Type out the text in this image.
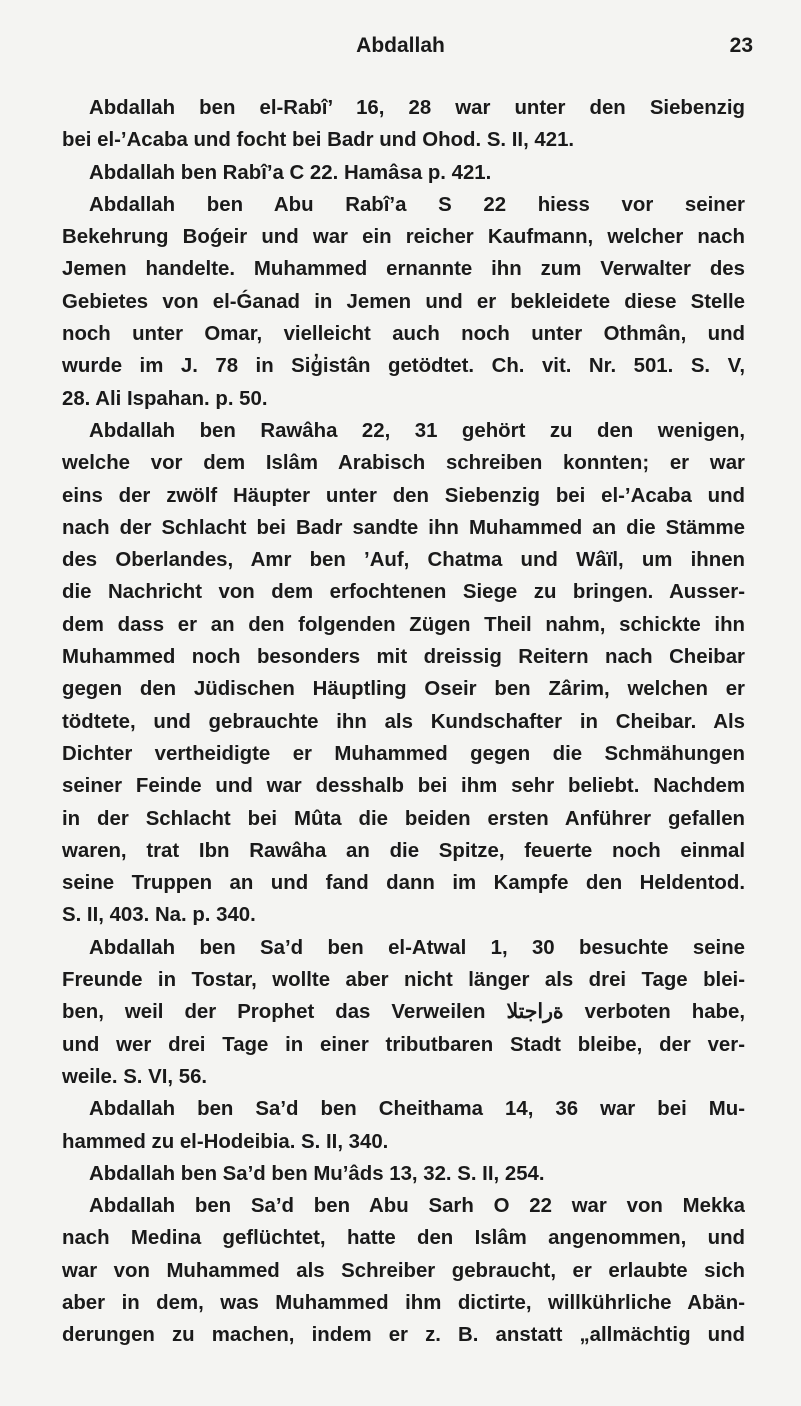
Abdallah	23
Abdallah ben el-Rabî’ 16, 28 war unter den Siebenzig
bei el-’Acaba und focht bei Badr und Ohod. S. II, 421.
Abdallah ben Rabî’a C 22. Hamâsa p. 421.
Abdallah ben Abu Rabî’a S 22 hiess vor seiner
Bekehrung Boǵeir und war ein reicher Kaufmann, welcher nach
Jemen handelte. Muhammed ernannte ihn zum Verwalter des
Gebietes von el-Ǵanad in Jemen und er bekleidete diese Stelle
noch unter Omar, vielleicht auch noch unter Othmân, und
wurde im J. 78 in Sig̓istân getödtet. Ch. vit. Nr. 501. S. V,
28. Ali Ispahan. p. 50.
Abdallah ben Rawâha 22, 31 gehört zu den wenigen,
welche vor dem Islâm Arabisch schreiben konnten; er war
eins der zwölf Häupter unter den Siebenzig bei el-’Acaba und
nach der Schlacht bei Badr sandte ihn Muhammed an die Stämme
des Oberlandes, Amr ben ’Auf, Chatma und Wâïl, um ihnen
die Nachricht von dem erfochtenen Siege zu bringen. Ausser-
dem dass er an den folgenden Zügen Theil nahm, schickte ihn
Muhammed noch besonders mit dreissig Reitern nach Cheibar
gegen den Jüdischen Häuptling Oseir ben Zârim, welchen er
tödtete, und gebrauchte ihn als Kundschafter in Cheibar. Als
Dichter vertheidigte er Muhammed gegen die Schmähungen
seiner Feinde und war desshalb bei ihm sehr beliebt. Nachdem
in der Schlacht bei Mûta die beiden ersten Anführer gefallen
waren, trat Ibn Rawâha an die Spitze, feuerte noch einmal
seine Truppen an und fand dann im Kampfe den Heldentod.
S. II, 403. Na. p. 340.
Abdallah ben Sa’d ben el-Atwal 1, 30 besuchte seine
Freunde in Tostar, wollte aber nicht länger als drei Tage blei-
ben, weil der Prophet das Verweilen ةراجتلا verboten habe,
und wer drei Tage in einer tributbaren Stadt bleibe, der ver-
weile. S. VI, 56.
Abdallah ben Sa’d ben Cheithama 14, 36 war bei Mu-
hammed zu el-Hodeibia. S. II, 340.
Abdallah ben Sa’d ben Mu’âds 13, 32. S. II, 254.
Abdallah ben Sa’d ben Abu Sarh O 22 war von Mekka
nach Medina geflüchtet, hatte den Islâm angenommen, und
war von Muhammed als Schreiber gebraucht, er erlaubte sich
aber in dem, was Muhammed ihm dictirte, willkührliche Abän-
derungen zu machen, indem er z. B. anstatt „allmächtig und
